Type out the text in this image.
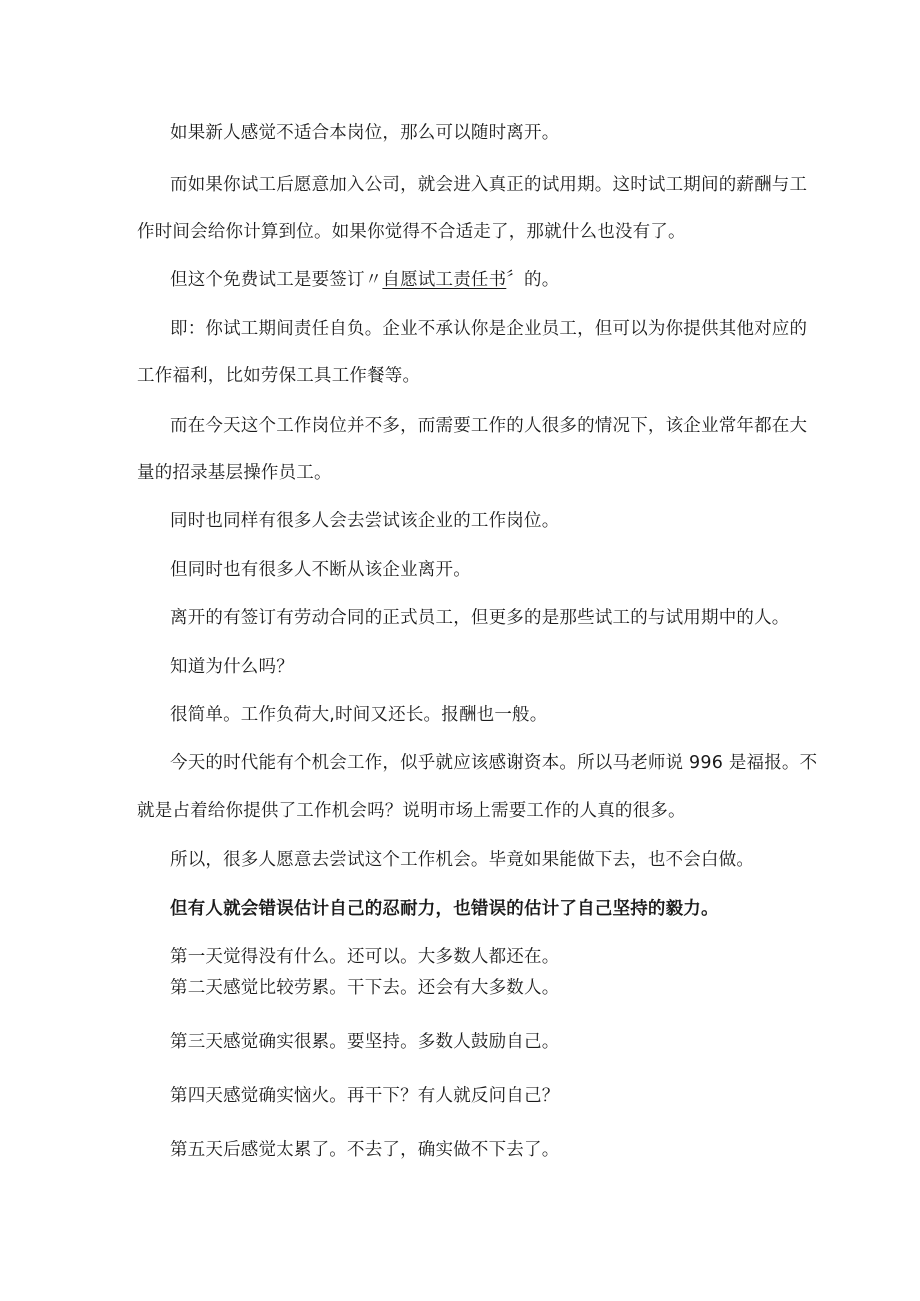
如果新人感觉不适合本岗位，那么可以随时离开。
而如果你试工后愿意加入公司，就会进入真正的试用期。这时试工期间的薪酬与工
作时间会给你计算到位。如果你觉得不合适走了，那就什么也没有了。
但这个免费试工是要签订〃自愿试工责任书〞的。
即：你试工期间责任自负。企业不承认你是企业员工，但可以为你提供其他对应的
工作福利，比如劳保工具工作餐等。
而在今天这个工作岗位并不多，而需要工作的人很多的情况下，该企业常年都在大
量的招录基层操作员工。
同时也同样有很多人会去尝试该企业的工作岗位。
但同时也有很多人不断从该企业离开。
离开的有签订有劳动合同的正式员工，但更多的是那些试工的与试用期中的人。
知道为什么吗？
很简单。工作负荷大,时间又还长。报酬也一般。
今天的时代能有个机会工作，似乎就应该感谢资本。所以马老师说 996 是福报。不
就是占着给你提供了工作机会吗？说明市场上需要工作的人真的很多。
所以，很多人愿意去尝试这个工作机会。毕竟如果能做下去，也不会白做。
但有人就会错误估计自己的忍耐力，也错误的估计了自己坚持的毅力。
第一天觉得没有什么。还可以。大多数人都还在。
第二天感觉比较劳累。干下去。还会有大多数人。
第三天感觉确实很累。要坚持。多数人鼓励自己。
第四天感觉确实恼火。再干下？有人就反问自己？
第五天后感觉太累了。不去了，确实做不下去了。
